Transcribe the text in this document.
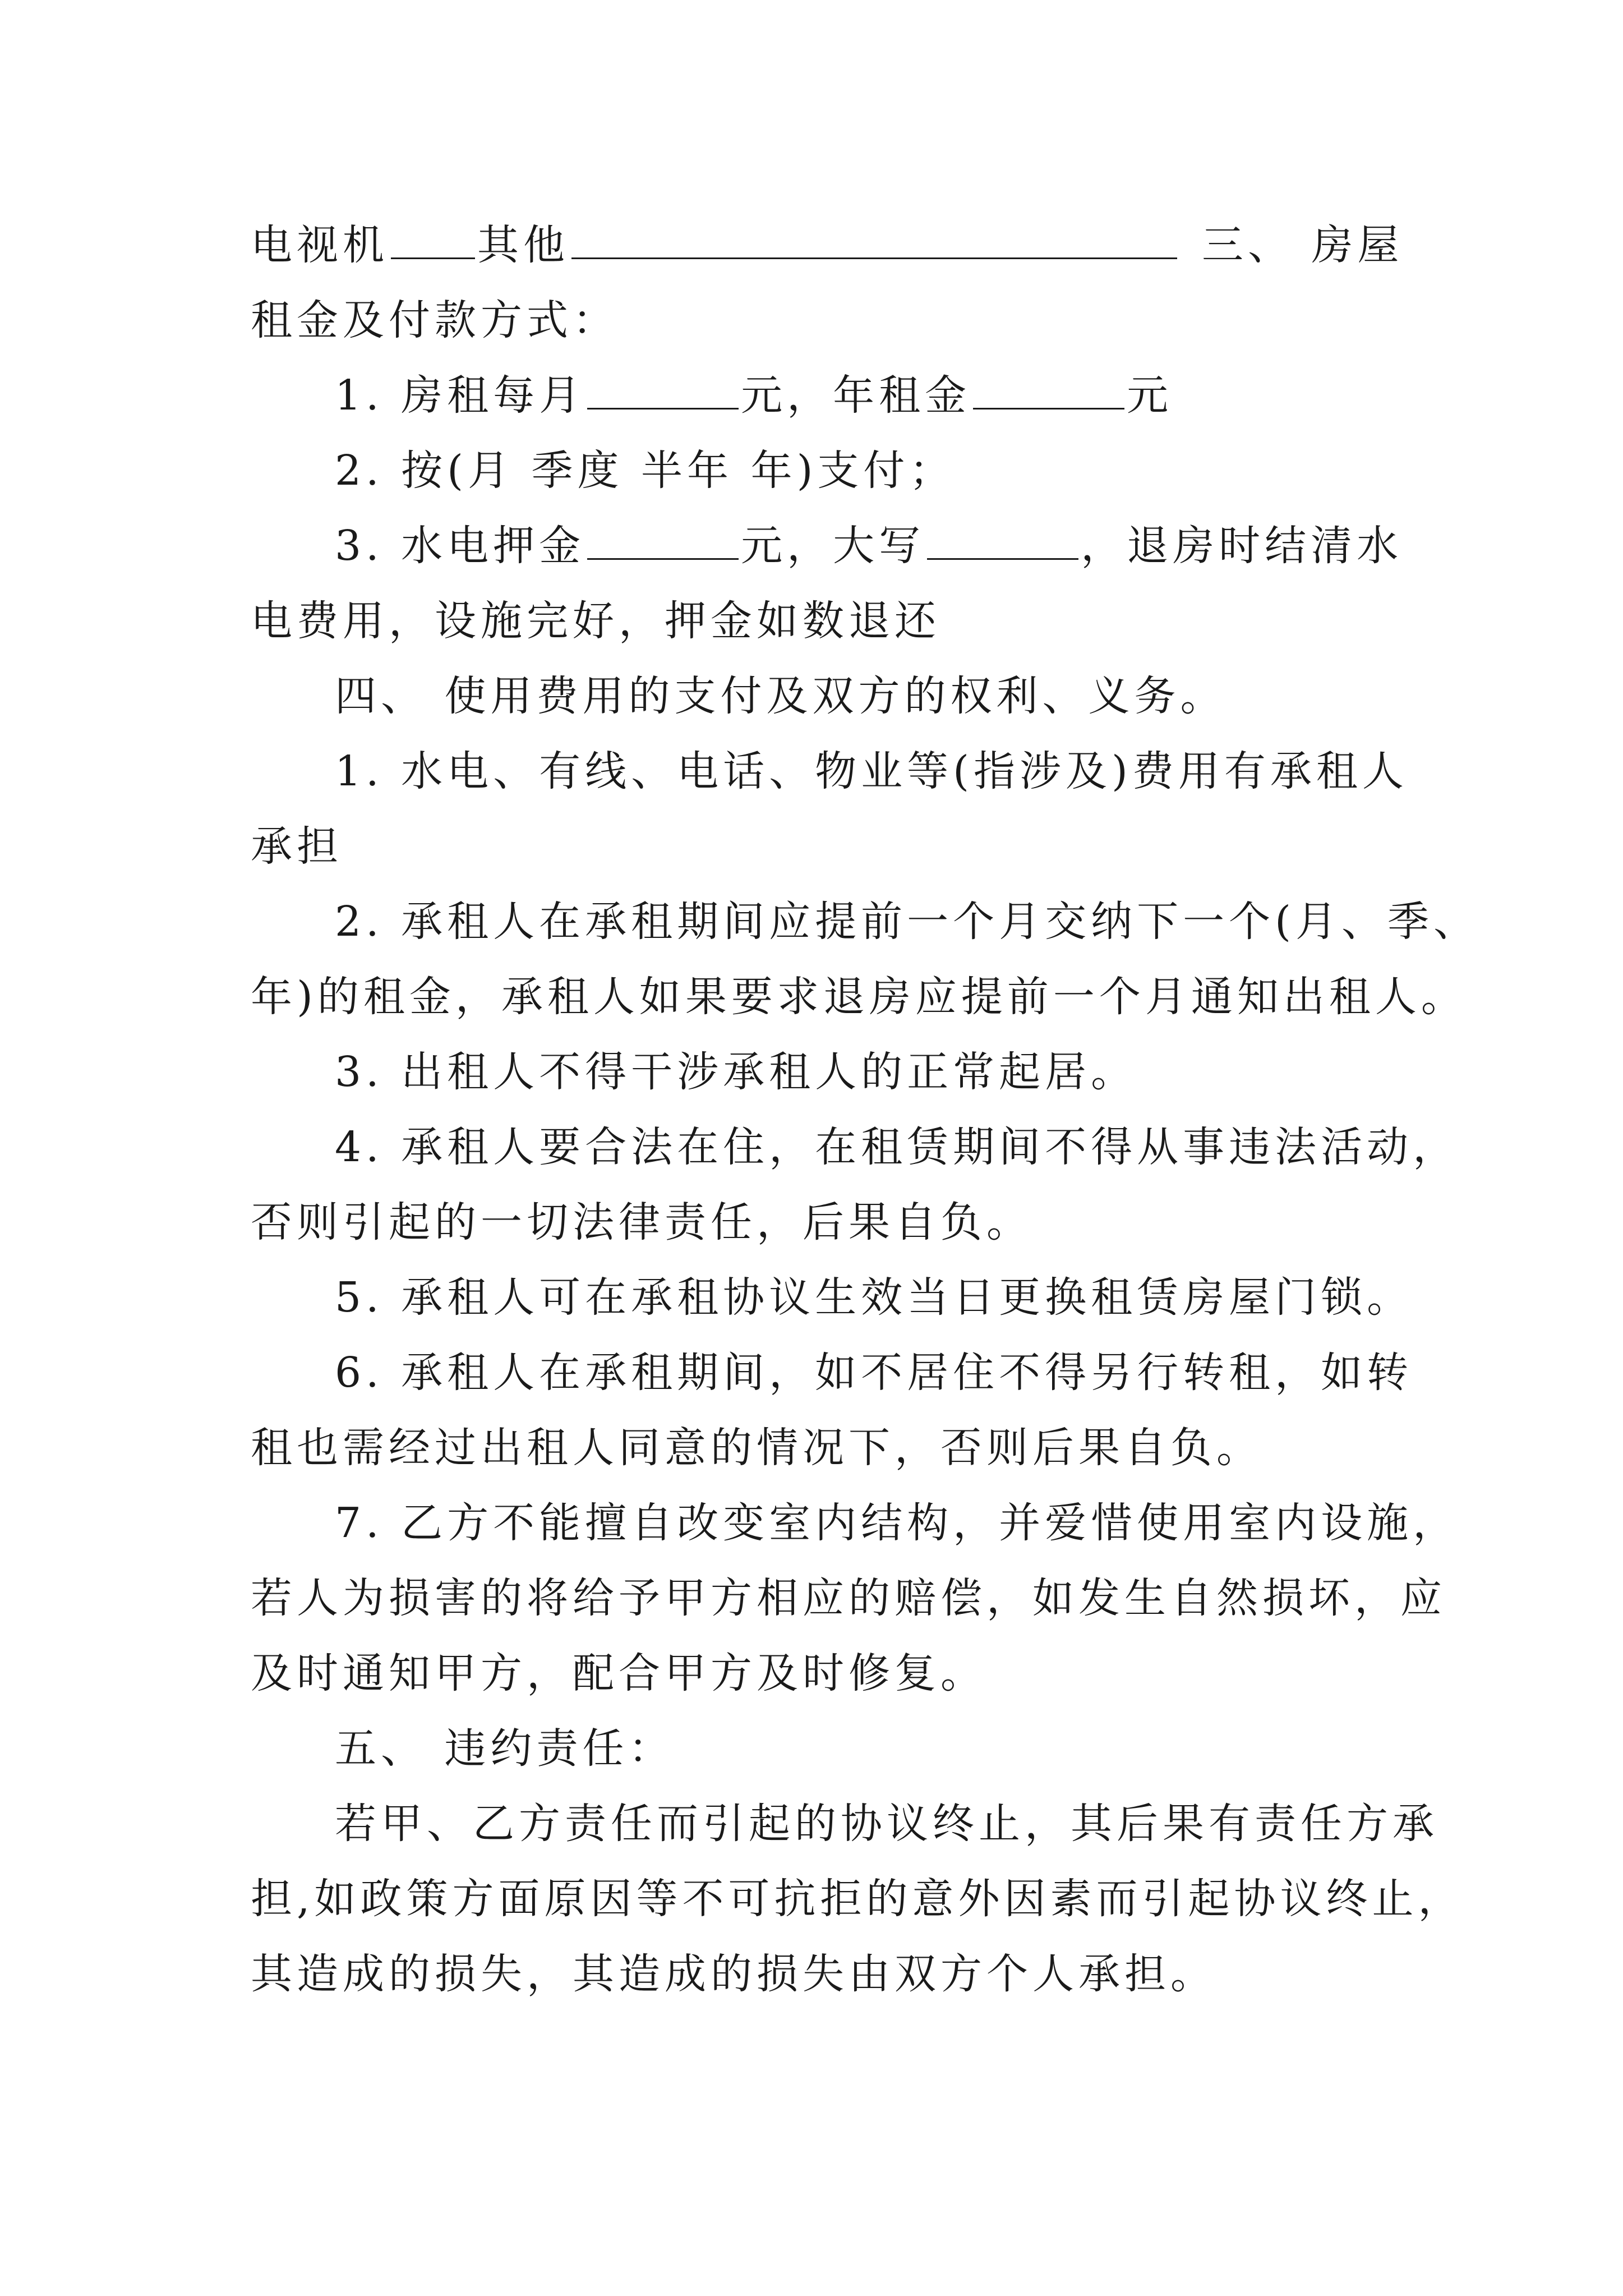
电视机 其他	三、 房屋
租金及付款方式：
1. 房租每月	元，年租金	元
2. 按(月 季度 半年 年)支付；
3. 水电押金	元，大写	，退房时结清水
电费用，设施完好，押金如数退还
四、 使用费用的支付及双方的权利、义务。
1. 水电、有线、电话、物业等(指涉及)费用有承租人
承担
2. 承租人在承租期间应提前一个月交纳下一个(月、季、
年)的租金，承租人如果要求退房应提前一个月通知出租人。
3. 出租人不得干涉承租人的正常起居。
4. 承租人要合法在住，在租赁期间不得从事违法活动，
否则引起的一切法律责任，后果自负。
5. 承租人可在承租协议生效当日更换租赁房屋门锁。
6. 承租人在承租期间，如不居住不得另行转租，如转
租也需经过出租人同意的情况下，否则后果自负。
7. 乙方不能擅自改变室内结构，并爱惜使用室内设施，
若人为损害的将给予甲方相应的赔偿，如发生自然损坏，应
及时通知甲方，配合甲方及时修复。
五、 违约责任：
若甲、乙方责任而引起的协议终止，其后果有责任方承
担,如政策方面原因等不可抗拒的意外因素而引起协议终止，
其造成的损失，其造成的损失由双方个人承担。
